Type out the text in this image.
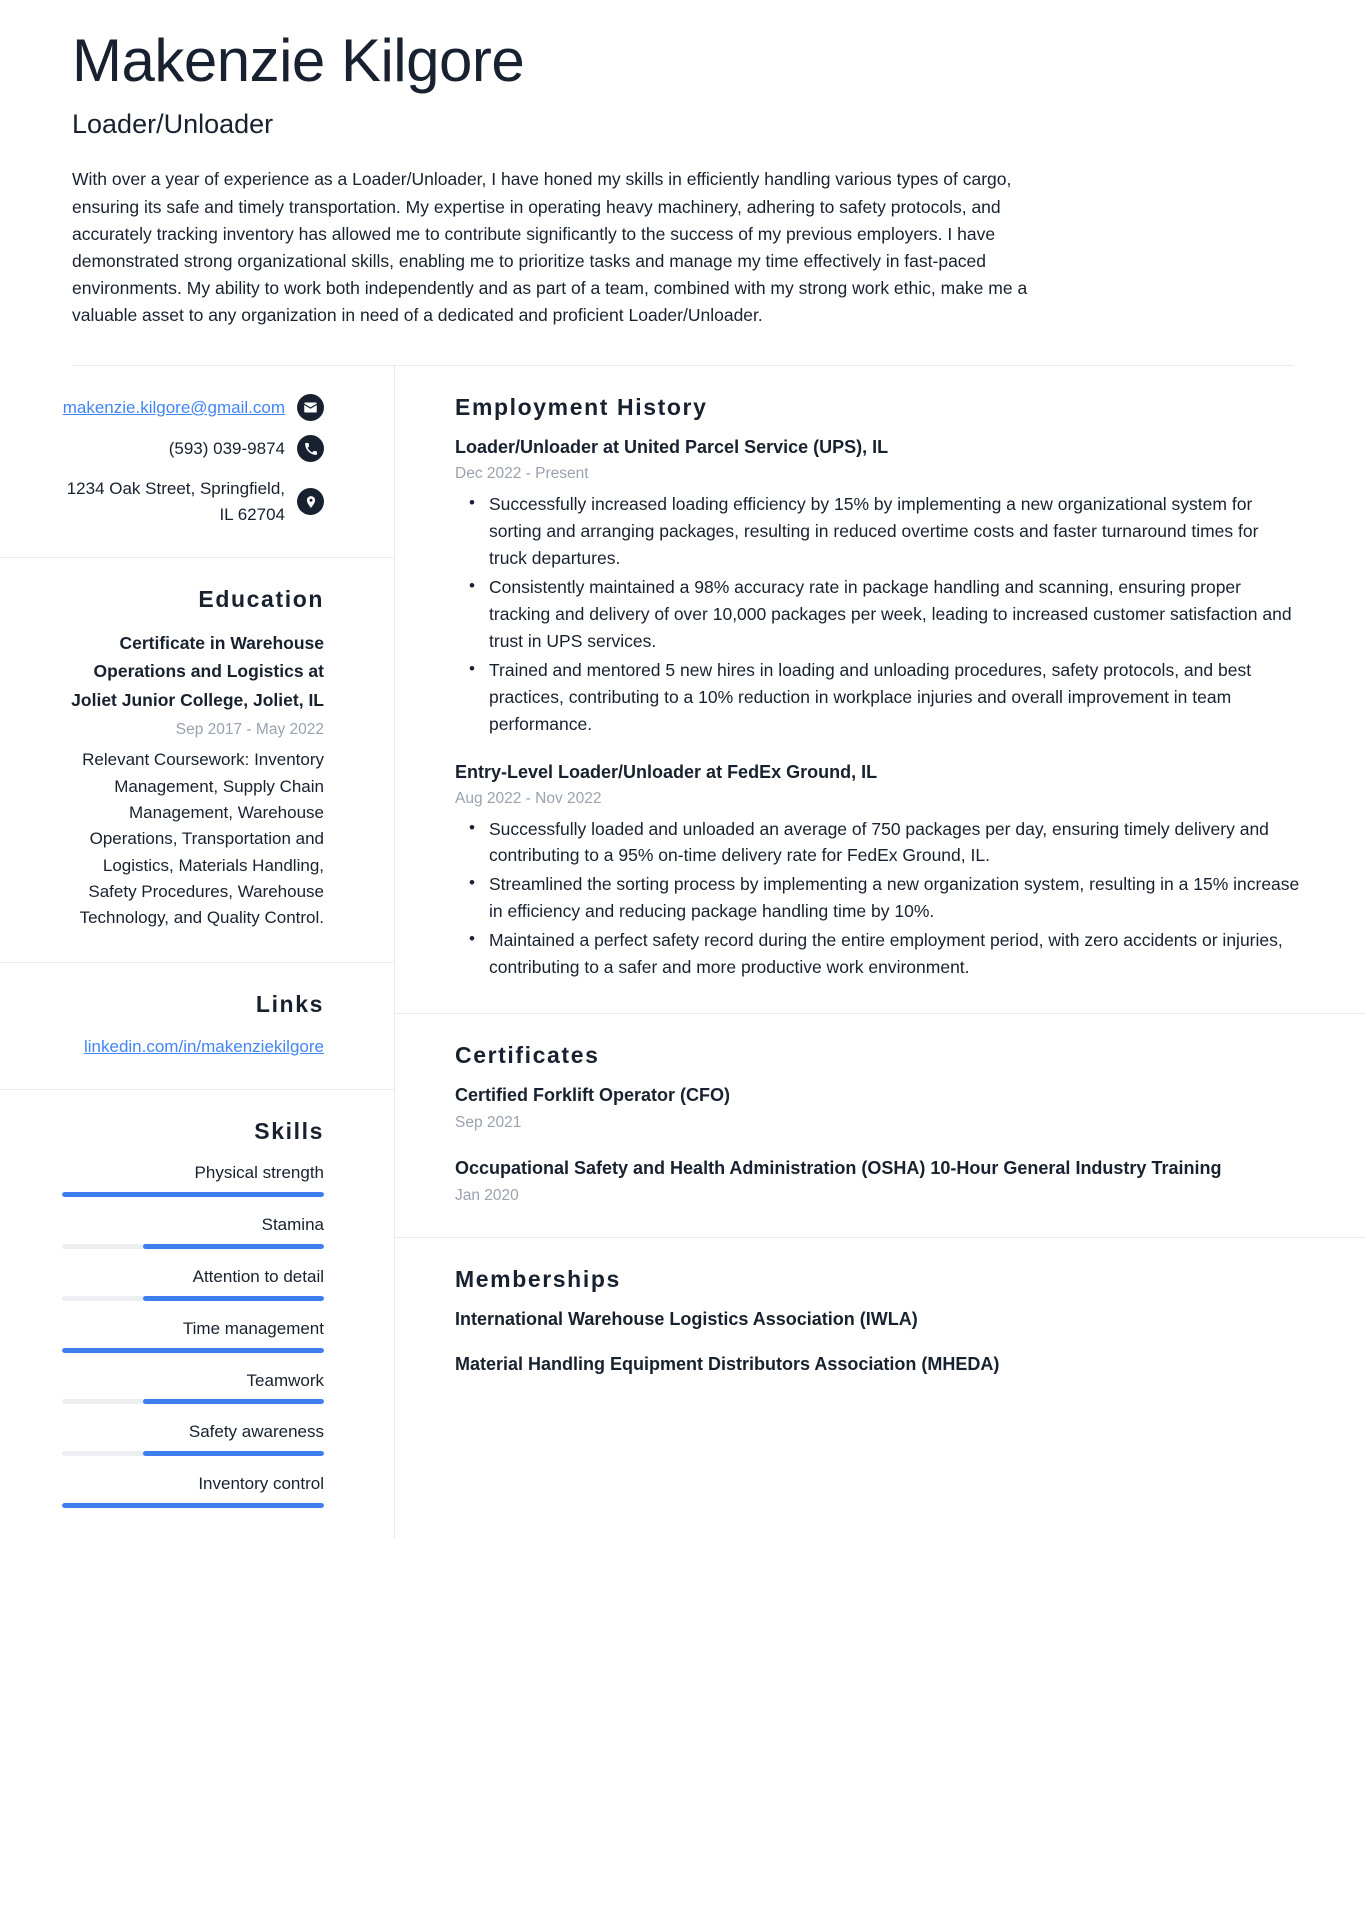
Makenzie Kilgore
Loader/Unloader

With over a year of experience as a Loader/Unloader, I have honed my skills in efficiently handling various types of cargo, ensuring its safe and timely transportation. My expertise in operating heavy machinery, adhering to safety protocols, and accurately tracking inventory has allowed me to contribute significantly to the success of my previous employers. I have demonstrated strong organizational skills, enabling me to prioritize tasks and manage my time effectively in fast-paced environments. My ability to work both independently and as part of a team, combined with my strong work ethic, make me a valuable asset to any organization in need of a dedicated and proficient Loader/Unloader.

makenzie.kilgore@gmail.com
(593) 039-9874
1234 Oak Street, Springfield, IL 62704
Education
Certificate in Warehouse Operations and Logistics at Joliet Junior College, Joliet, IL
Sep 2017 - May 2022
Relevant Coursework: Inventory Management, Supply Chain Management, Warehouse Operations, Transportation and Logistics, Materials Handling, Safety Procedures, Warehouse Technology, and Quality Control.
Links
linkedin.com/in/makenziekilgore
Skills
Physical strength
Stamina
Attention to detail
Time management
Teamwork
Safety awareness
Inventory control
Employment History
Loader/Unloader at United Parcel Service (UPS), IL
Dec 2022 - Present
• Successfully increased loading efficiency by 15% by implementing a new organizational system for sorting and arranging packages, resulting in reduced overtime costs and faster turnaround times for truck departures.
• Consistently maintained a 98% accuracy rate in package handling and scanning, ensuring proper tracking and delivery of over 10,000 packages per week, leading to increased customer satisfaction and trust in UPS services.
• Trained and mentored 5 new hires in loading and unloading procedures, safety protocols, and best practices, contributing to a 10% reduction in workplace injuries and overall improvement in team performance.
Entry-Level Loader/Unloader at FedEx Ground, IL
Aug 2022 - Nov 2022
• Successfully loaded and unloaded an average of 750 packages per day, ensuring timely delivery and contributing to a 95% on-time delivery rate for FedEx Ground, IL.
• Streamlined the sorting process by implementing a new organization system, resulting in a 15% increase in efficiency and reducing package handling time by 10%.
• Maintained a perfect safety record during the entire employment period, with zero accidents or injuries, contributing to a safer and more productive work environment.
Certificates
Certified Forklift Operator (CFO)
Sep 2021
Occupational Safety and Health Administration (OSHA) 10-Hour General Industry Training
Jan 2020
Memberships
International Warehouse Logistics Association (IWLA)
Material Handling Equipment Distributors Association (MHEDA)
